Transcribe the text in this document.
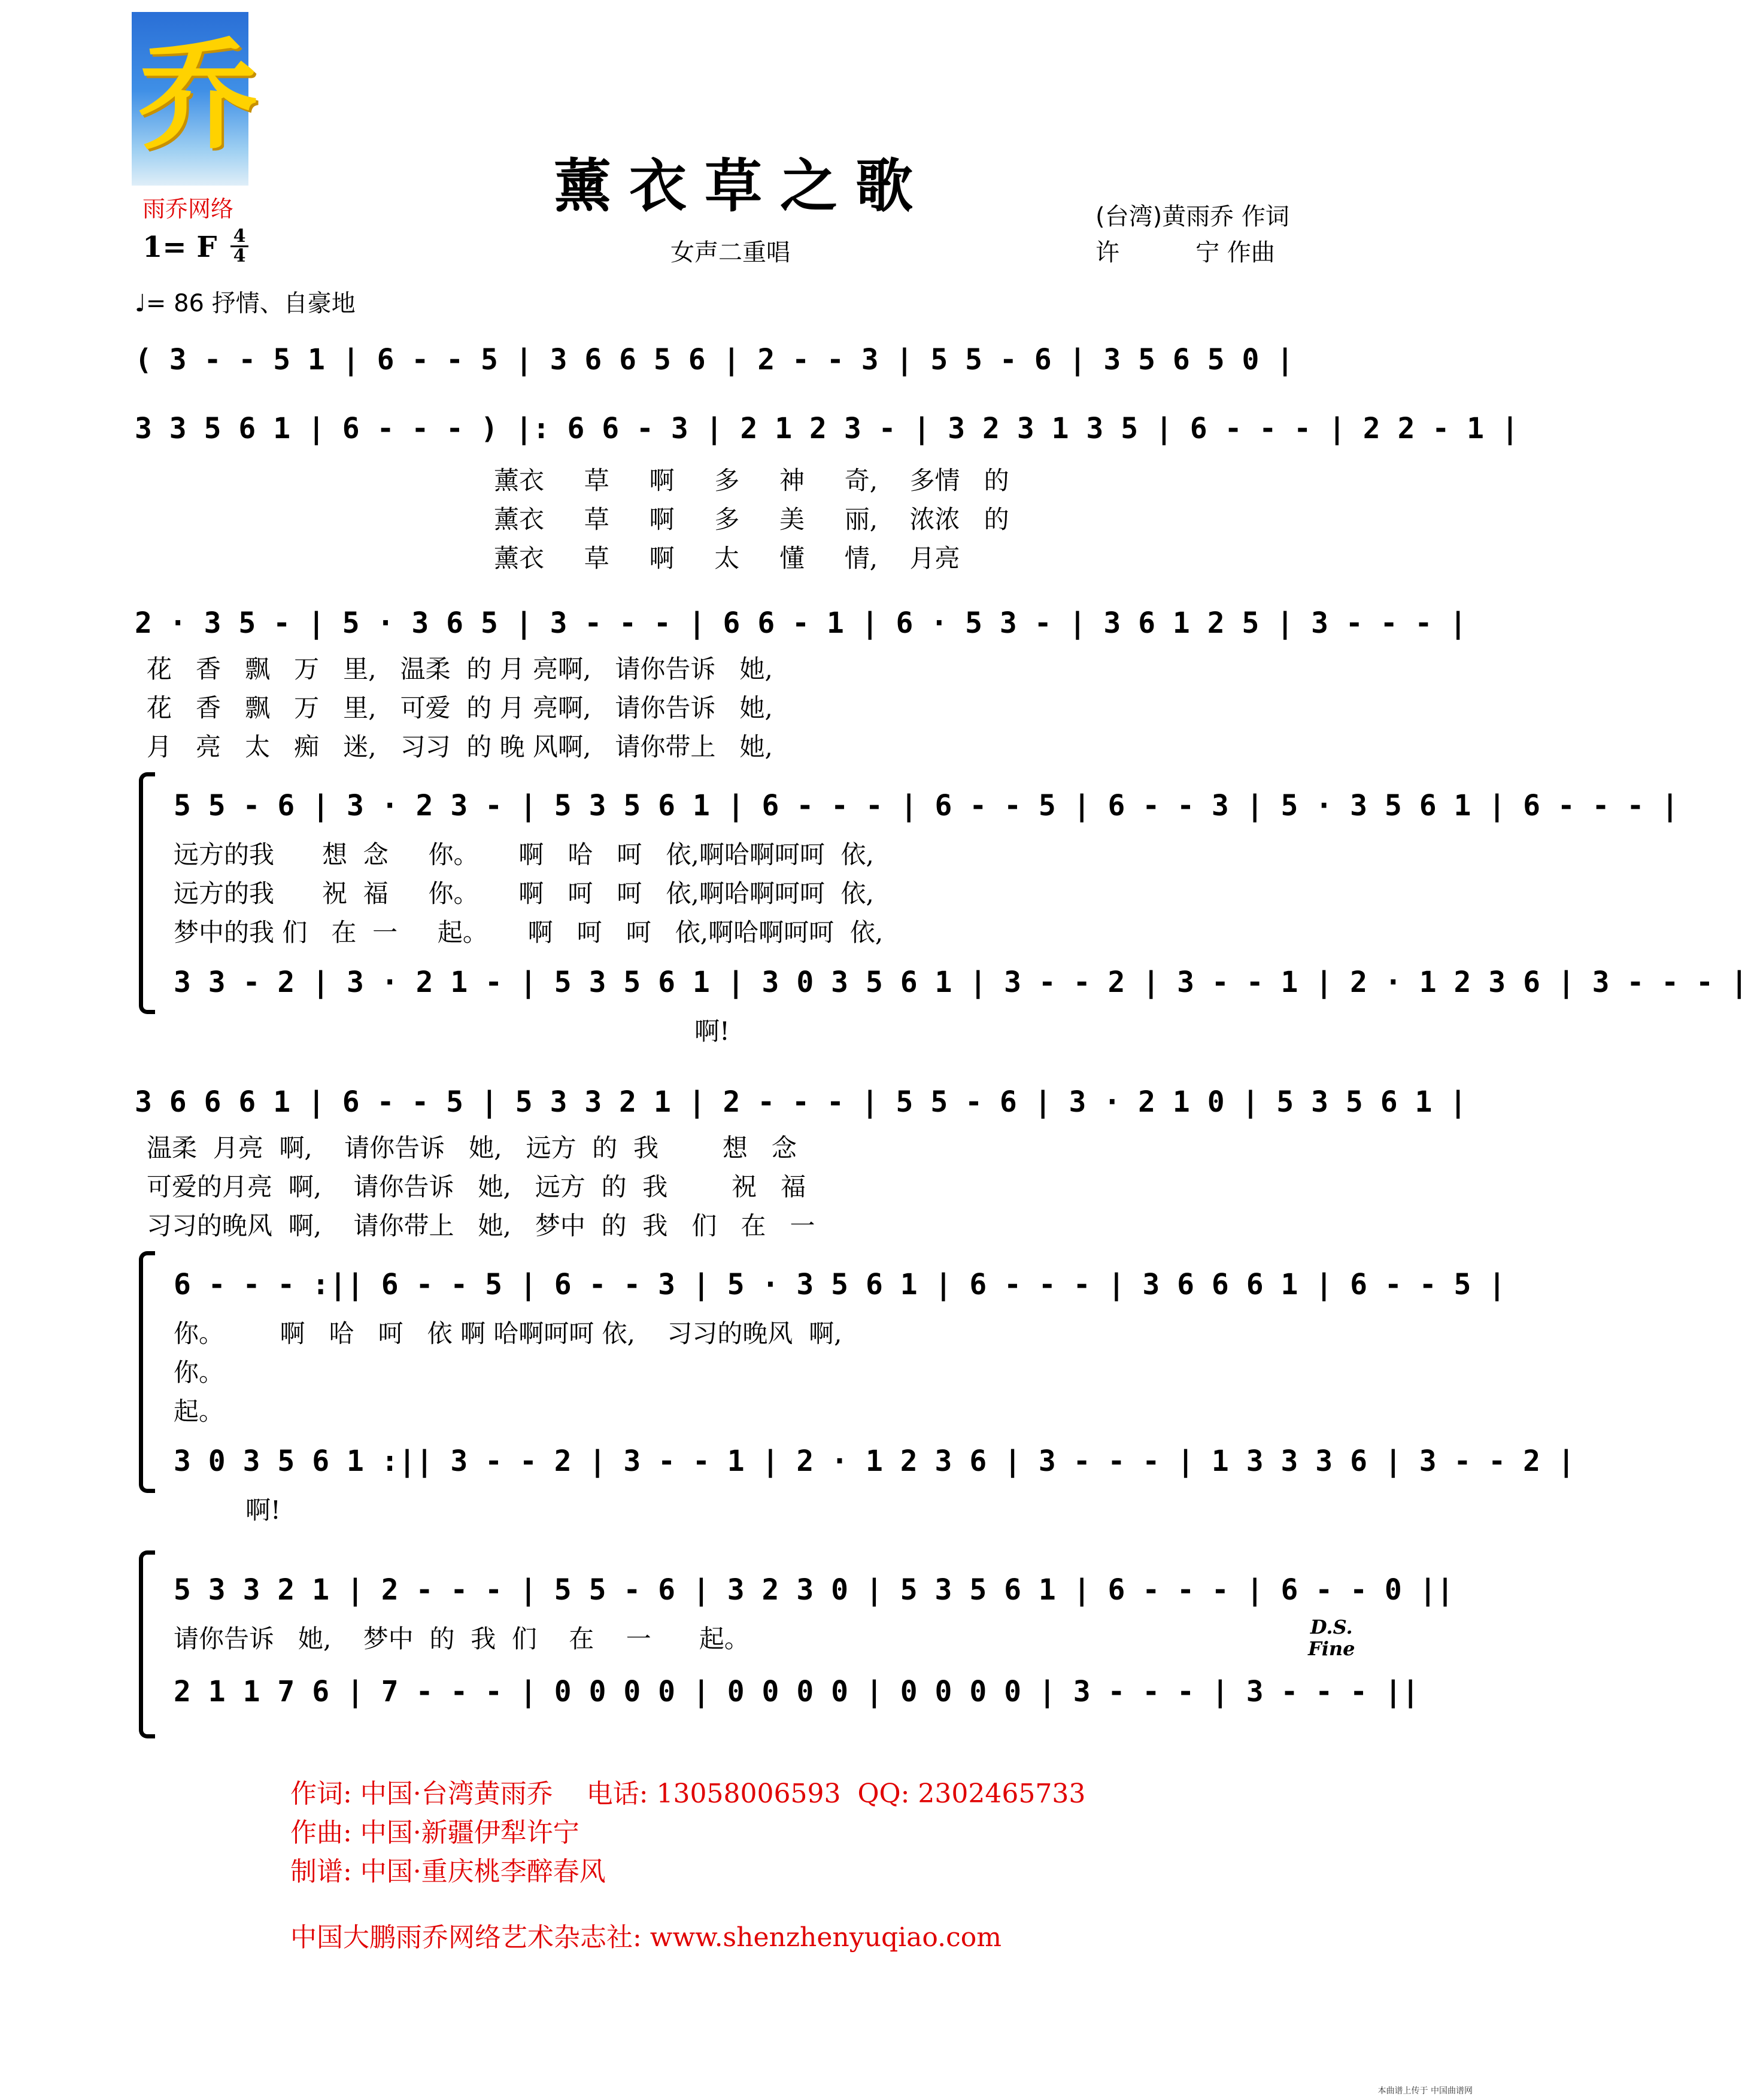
乔
雨乔网络	薰衣草之歌
1= F 4
4	女声二重唱
(台湾)黄雨乔 作词
许          宁 作曲
♩= 86 抒情、自豪地
( 3 - - 5 1 | 6 - - 5 | 3 6 6 5 6 | 2 - - 3 | 5 5 - 6 | 3 5 6 5 0 |
3 3 5 6 1 | 6 - - - ) |: 6 6 - 3 | 2 1 2 3 - | 3 2 3 1 3 5 | 6 - - - | 2 2 - 1 |
薰衣     草     啊     多     神     奇,    多情   的
薰衣     草     啊     多     美     丽,    浓浓   的
薰衣     草     啊     太     懂     情,    月亮
2 · 3 5 - | 5 · 3 6 5 | 3 - - - | 6 6 - 1 | 6 · 5 3 - | 3 6 1 2 5 | 3 - - - |
花   香   飘   万   里,   温柔  的 月 亮啊,   请你告诉   她,
花   香   飘   万   里,   可爱  的 月 亮啊,   请你告诉   她,
月   亮   太   痴   迷,   习习  的 晚 风啊,   请你带上   她,
5 5 - 6 | 3 · 2 3 - | 5 3 5 6 1 | 6 - - - | 6 - - 5 | 6 - - 3 | 5 · 3 5 6 1 | 6 - - - |
远方的我      想  念     你。     啊   哈   呵   依,啊哈啊呵呵  依,
远方的我      祝  福     你。     啊   呵   呵   依,啊哈啊呵呵  依,
梦中的我 们   在  一     起。     啊   呵   呵   依,啊哈啊呵呵  依,
3 3 - 2 | 3 · 2 1 - | 5 3 5 6 1 | 3 0 3 5 6 1 | 3 - - 2 | 3 - - 1 | 2 · 1 2 3 6 | 3 - - - |
啊!
3 6 6 6 1 | 6 - - 5 | 5 3 3 2 1 | 2 - - - | 5 5 - 6 | 3 · 2 1 0 | 5 3 5 6 1 |
温柔  月亮  啊,    请你告诉   她,   远方  的  我        想   念
可爱的月亮  啊,    请你告诉   她,   远方  的  我        祝   福
习习的晚风  啊,    请你带上   她,   梦中  的  我   们   在   一
6 - - - :|| 6 - - 5 | 6 - - 3 | 5 · 3 5 6 1 | 6 - - - | 3 6 6 6 1 | 6 - - 5 |
你。       啊   哈   呵   依 啊 哈啊呵呵 依,    习习的晚风  啊,
你。
起。
3 0 3 5 6 1 :|| 3 - - 2 | 3 - - 1 | 2 · 1 2 3 6 | 3 - - - | 1 3 3 3 6 | 3 - - 2 |
啊!
5 3 3 2 1 | 2 - - - | 5 5 - 6 | 3 2 3 0 | 5 3 5 6 1 | 6 - - - | 6 - - 0 ||
请你告诉   她,    梦中  的  我  们    在    一      起。	D.S.
Fine
2 1 1 7 6 | 7 - - - | 0 0 0 0 | 0 0 0 0 | 0 0 0 0 | 3 - - - | 3 - - - ||
作词: 中国·台湾黄雨乔    电话: 13058006593  QQ: 2302465733
作曲: 中国·新疆伊犁许宁
制谱: 中国·重庆桃李醉春风
中国大鹏雨乔网络艺术杂志社: www.shenzhenyuqiao.com
本曲谱上传于 中国曲谱网
